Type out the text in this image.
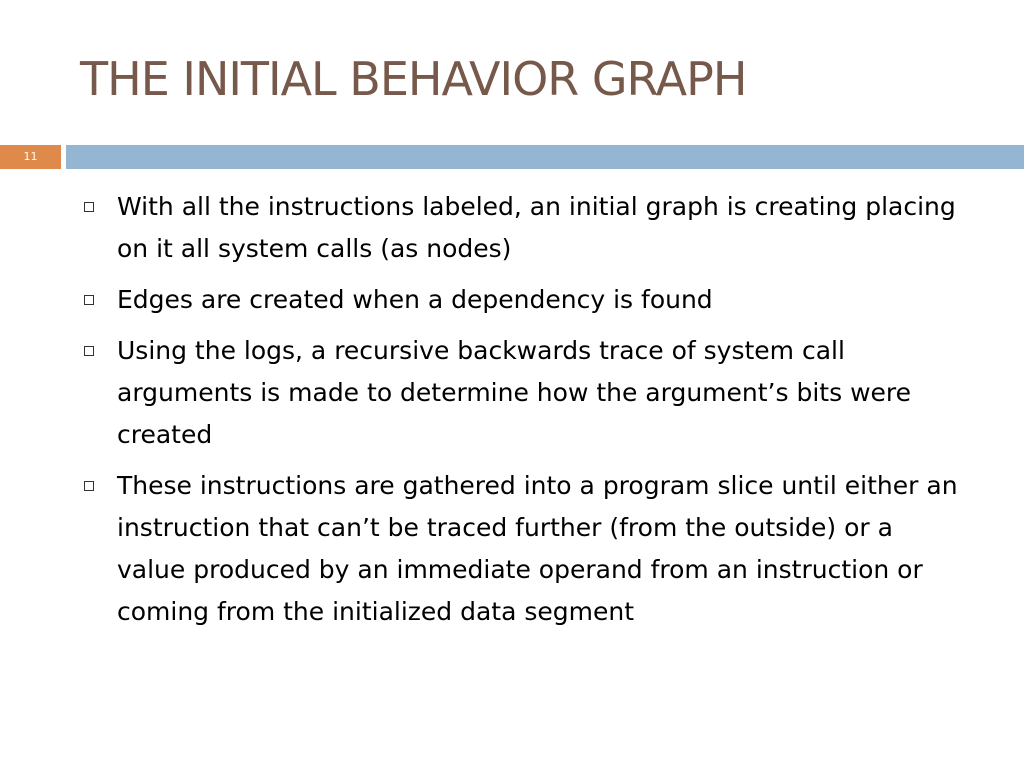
THE INITIAL BEHAVIOR GRAPH
11
With all the instructions labeled, an initial graph is creating placing on it all system calls (as nodes)
Edges are created when a dependency is found
Using the logs, a recursive backwards trace of system call arguments is made to determine how the argument’s bits were created
These instructions are gathered into a program slice until either an instruction that can’t be traced further (from the outside) or a value produced by an immediate operand from an instruction or coming from the initialized data segment
